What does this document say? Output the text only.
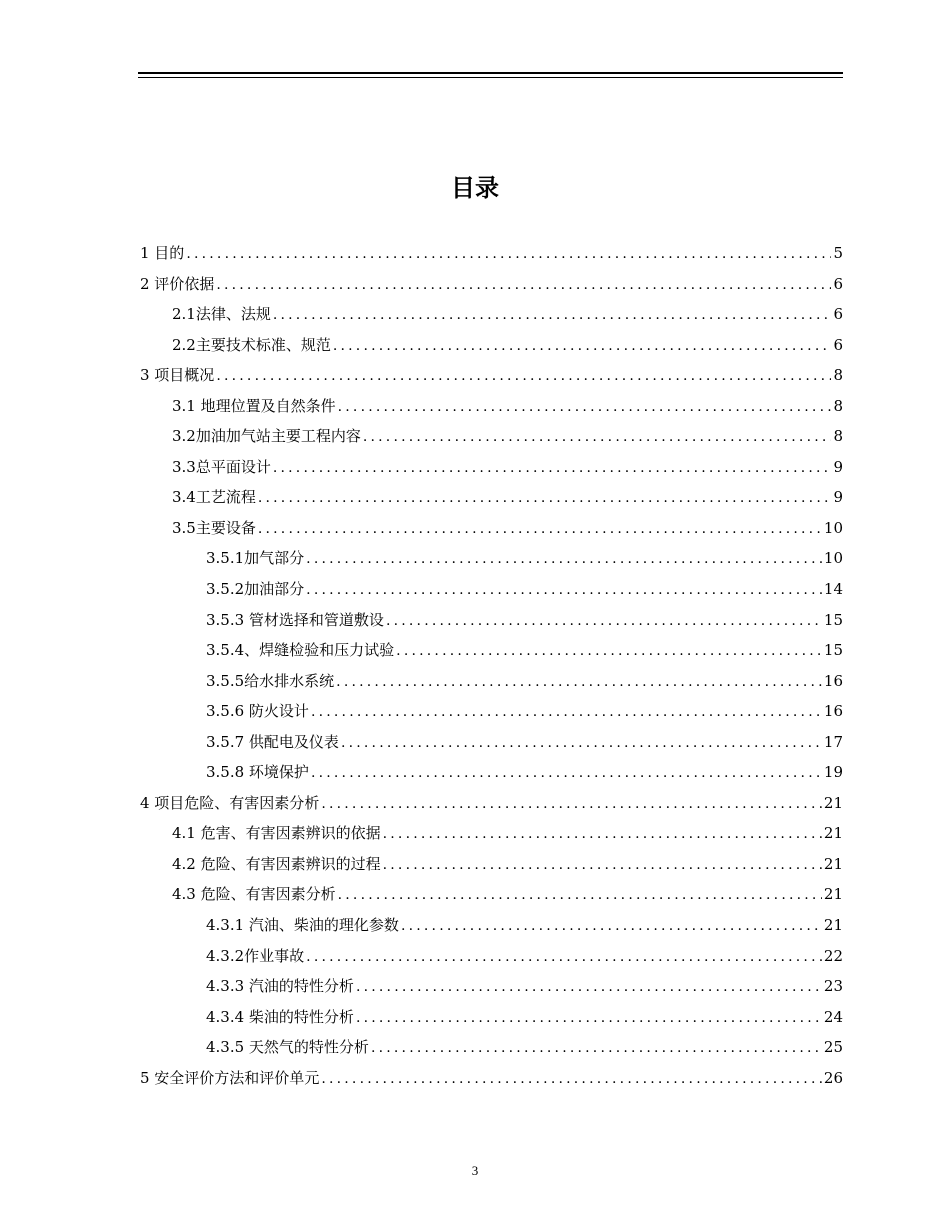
目录
1 目的 .....	5
2 评价依据 .....	6
2.1法律、法规 .....	6
2.2主要技术标准、规范 .....	6
3 项目概况 .....	8
3.1 地理位置及自然条件 .....	8
3.2加油加气站主要工程内容 .....	8
3.3总平面设计 .....	9
3.4工艺流程 .....	9
3.5主要设备 .....	10
3.5.1加气部分 .....	10
3.5.2加油部分 .....	14
3.5.3 管材选择和管道敷设 .....	15
3.5.4、焊缝检验和压力试验 .....	15
3.5.5给水排水系统 .....	16
3.5.6 防火设计 .....	16
3.5.7 供配电及仪表 .....	17
3.5.8 环境保护 .....	19
4 项目危险、有害因素分析 .....	21
4.1 危害、有害因素辨识的依据 .....	21
4.2 危险、有害因素辨识的过程 .....	21
4.3 危险、有害因素分析 .....	21
4.3.1 汽油、柴油的理化参数 .....	21
4.3.2作业事故 .....	22
4.3.3 汽油的特性分析 .....	23
4.3.4 柴油的特性分析 .....	24
4.3.5 天然气的特性分析 .....	25
5 安全评价方法和评价单元 .....	26
3
